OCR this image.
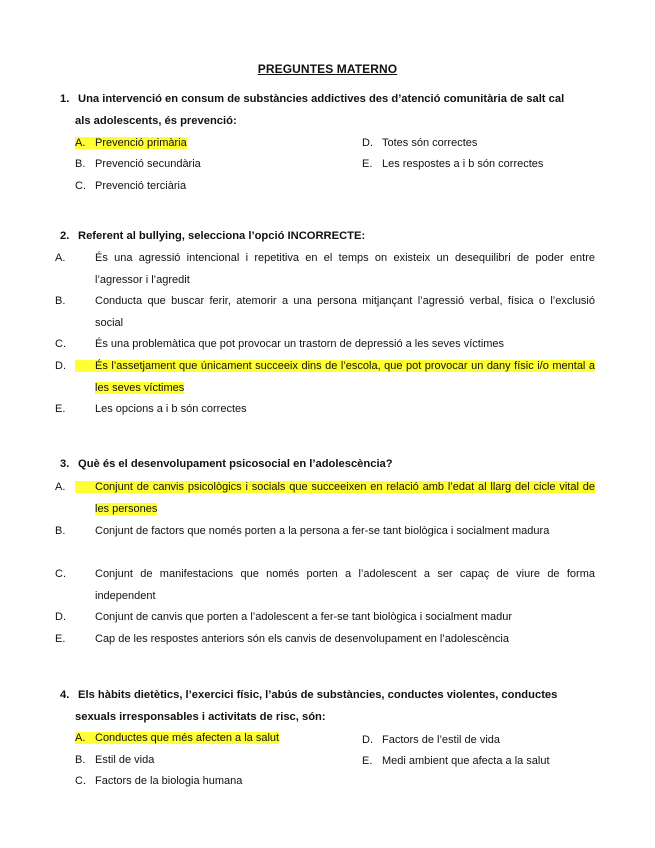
PREGUNTES MATERNO
1. Una intervenció en consum de substàncies addictives des d’atenció comunitària de salt cal
als adolescents, és prevenció:
A. Prevenció primària
B. Prevenció secundària
C. Prevenció terciària
D. Totes són correctes
E. Les respostes a i b són correctes
2. Referent al bullying, selecciona l’opció INCORRECTE:
A.	És una agressió intencional i repetitiva en el temps on existeix un desequilibri de poder entre l’agressor i l’agredit
B.	Conducta que buscar ferir, atemorir a una persona mitjançant l’agressió verbal, física o l’exclusió social
C.	És una problemàtica que pot provocar un trastorn de depressió a les seves víctimes
D.	És l’assetjament que únicament succeeix dins de l’escola, que pot provocar un dany físic i/o mental a les seves víctimes
E.	Les opcions a i b són correctes
3. Què és el desenvolupament psicosocial en l’adolescència?
A.	Conjunt de canvis psicològics i socials que succeeixen en relació amb l’edat al llarg del cicle vital de les persones
B.	Conjunt de factors que només porten a la persona a fer-se tant biològica i socialment madura
C.	Conjunt de manifestacions que només porten a l’adolescent a ser capaç de viure de forma independent
D.	Conjunt de canvis que porten a l’adolescent a fer-se tant biològica i socialment madur
E.	Cap de les respostes anteriors són els canvis de desenvolupament en l’adolescència
4. Els hàbits dietètics, l’exercici físic, l’abús de substàncies, conductes violentes, conductes
sexuals irresponsables i activitats de risc, són:
A. Conductes que més afecten a la salut
B. Estil de vida
C. Factors de la biologia humana
D. Factors de l’estil de vida
E. Medi ambient que afecta a la salut
